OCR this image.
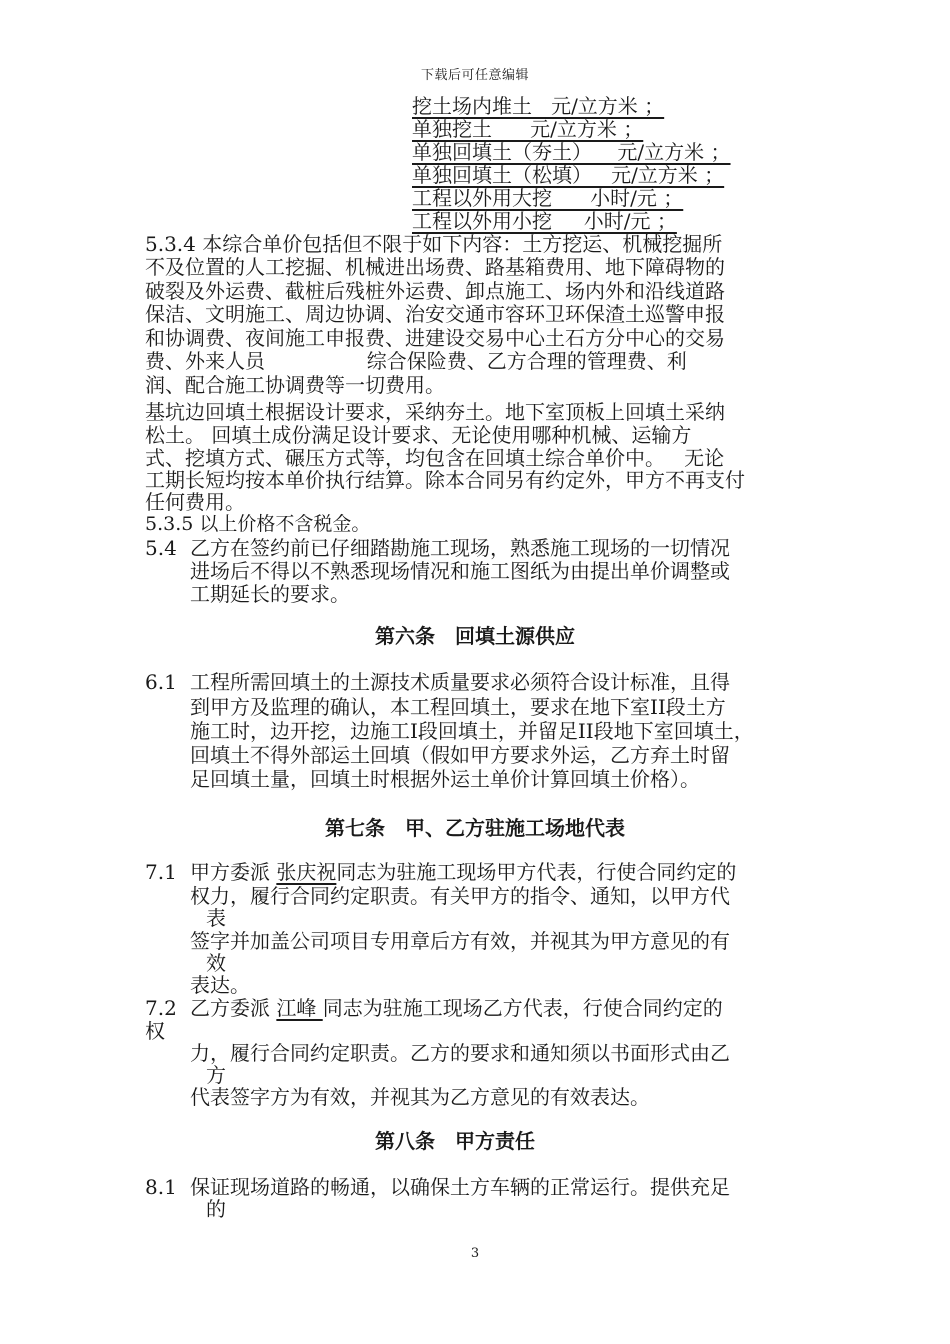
下载后可任意编辑
挖土场内堆土   元/立方米 ；
单独挖土      元/立方米 ；
单独回填土（夯土）    元/立方米 ；
单独回填土（松填）   元/立方米 ；
工程以外用大挖      小时/元 ；
工程以外用小挖     小时/元 ；
5.3.4 本综合单价包括但不限于如下内容：土方挖运、机械挖掘所
不及位置的人工挖掘、机械进出场费、路基箱费用、地下障碍物的
破裂及外运费、截桩后残桩外运费、卸点施工、场内外和沿线道路
保洁、文明施工、周边协调、治安交通市容环卫环保渣土巡警申报
和协调费、夜间施工申报费、进建设交易中心土石方分中心的交易
费、外来人员                综合保险费、乙方合理的管理费、利
润、配合施工协调费等一切费用。
基坑边回填土根据设计要求，采纳夯土。地下室顶板上回填土采纳
松土。 回填土成份满足设计要求、无论使用哪种机械、运输方
式、挖填方式、碾压方式等，均包含在回填土综合单价中。   无论
工期长短均按本单价执行结算。除本合同另有约定外，甲方不再支付
任何费用。
5.3.5 以上价格不含税金。
5.4 乙方在签约前已仔细踏勘施工现场，熟悉施工现场的一切情况
进场后不得以不熟悉现场情况和施工图纸为由提出单价调整或
工期延长的要求。
第六条 回填土源供应
6.1 工程所需回填土的土源技术质量要求必须符合设计标准，且得
到甲方及监理的确认，本工程回填土，要求在地下室II段土方
施工时，边开挖，边施工I段回填土，并留足II段地下室回填土，
回填土不得外部运土回填（假如甲方要求外运，乙方弃土时留
足回填土量，回填土时根据外运土单价计算回填土价格）。
第七条 甲、乙方驻施工场地代表
7.1 甲方委派 张庆祝同志为驻施工现场甲方代表，行使合同约定的
权力，履行合同约定职责。有关甲方的指令、通知，以甲方代
表
签字并加盖公司项目专用章后方有效，并视其为甲方意见的有
效
表达。
7.2
权
乙方委派 江峰 同志为驻施工现场乙方代表，行使合同约定的
力，履行合同约定职责。乙方的要求和通知须以书面形式由乙
方
代表签字方为有效，并视其为乙方意见的有效表达。
第八条 甲方责任
8.1 保证现场道路的畅通，以确保土方车辆的正常运行。提供充足
的
3
